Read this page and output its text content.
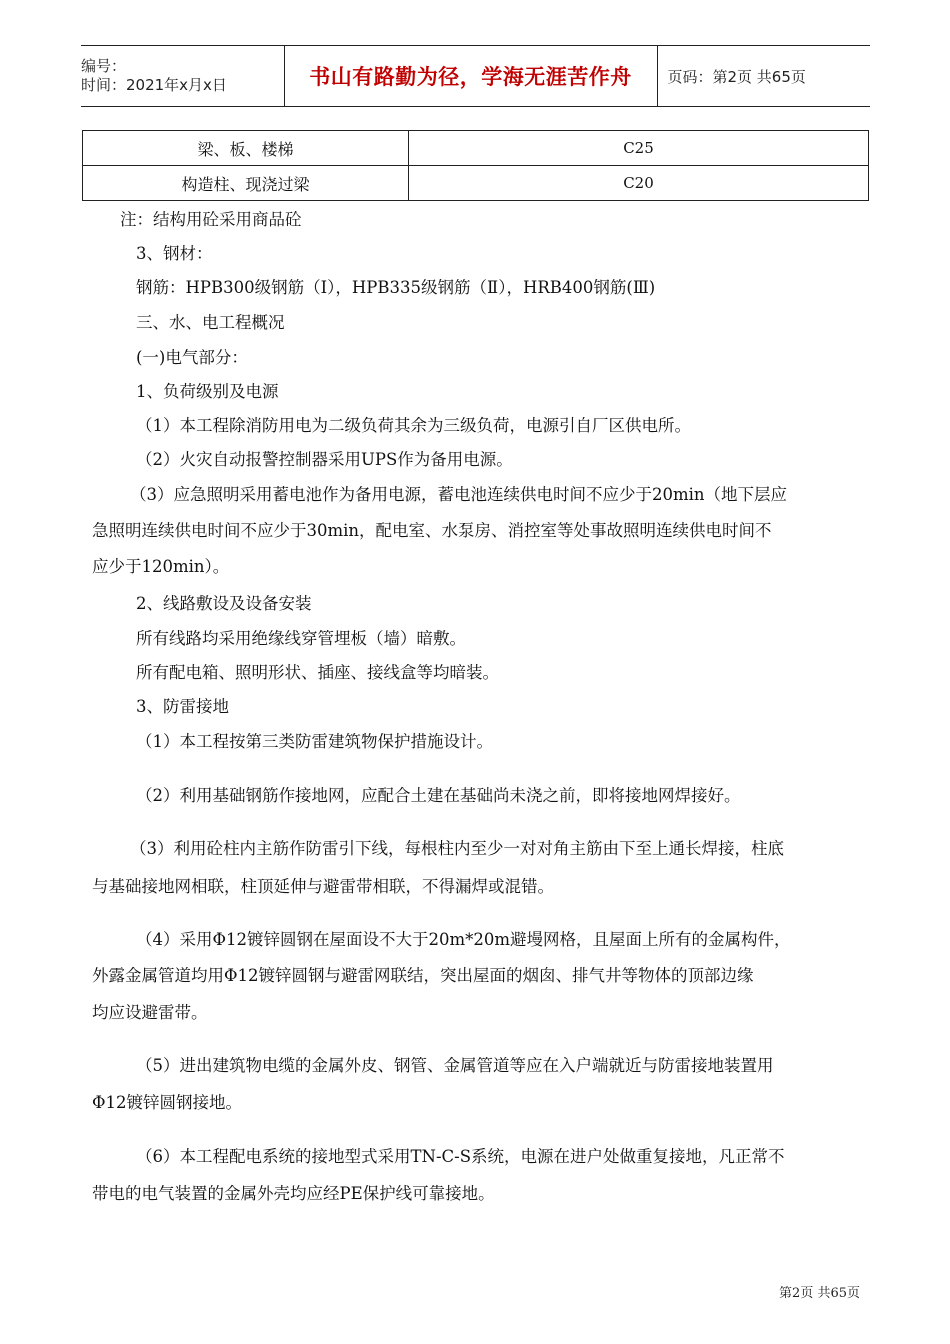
编号：
时间：2021年x月x日	书山有路勤为径，学海无涯苦作舟	页码：第2页 共65页
梁、板、楼梯	C25
构造柱、现浇过梁	C20
注：结构用砼采用商品砼
3、钢材：
钢筋：HPB300级钢筋（Ⅰ），HPB335级钢筋（Ⅱ），HRB400钢筋(Ⅲ)
三、水、电工程概况
(一)电气部分：
1、负荷级别及电源
（1）本工程除消防用电为二级负荷其余为三级负荷，电源引自厂区供电所。
（2）火灾自动报警控制器采用UPS作为备用电源。
（3）应急照明采用蓄电池作为备用电源，蓄电池连续供电时间不应少于20min（地下层应
急照明连续供电时间不应少于30min，配电室、水泵房、消控室等处事故照明连续供电时间不
应少于120min）。
2、线路敷设及设备安装
所有线路均采用绝缘线穿管埋板（墙）暗敷。
所有配电箱、照明形状、插座、接线盒等均暗装。
3、防雷接地
（1）本工程按第三类防雷建筑物保护措施设计。
（2）利用基础钢筋作接地网，应配合土建在基础尚未浇之前，即将接地网焊接好。
（3）利用砼柱内主筋作防雷引下线，每根柱内至少一对对角主筋由下至上通长焊接，柱底
与基础接地网相联，柱顶延伸与避雷带相联，不得漏焊或混错。
（4）采用Φ12镀锌圆钢在屋面设不大于20m*20m避墁网格，且屋面上所有的金属构件，
外露金属管道均用Φ12镀锌圆钢与避雷网联结，突出屋面的烟囱、排气井等物体的顶部边缘
均应设避雷带。
（5）进出建筑物电缆的金属外皮、钢管、金属管道等应在入户端就近与防雷接地装置用
Φ12镀锌圆钢接地。
（6）本工程配电系统的接地型式采用TN-C-S系统，电源在进户处做重复接地，凡正常不
带电的电气装置的金属外壳均应经PE保护线可靠接地。
第2页 共65页
